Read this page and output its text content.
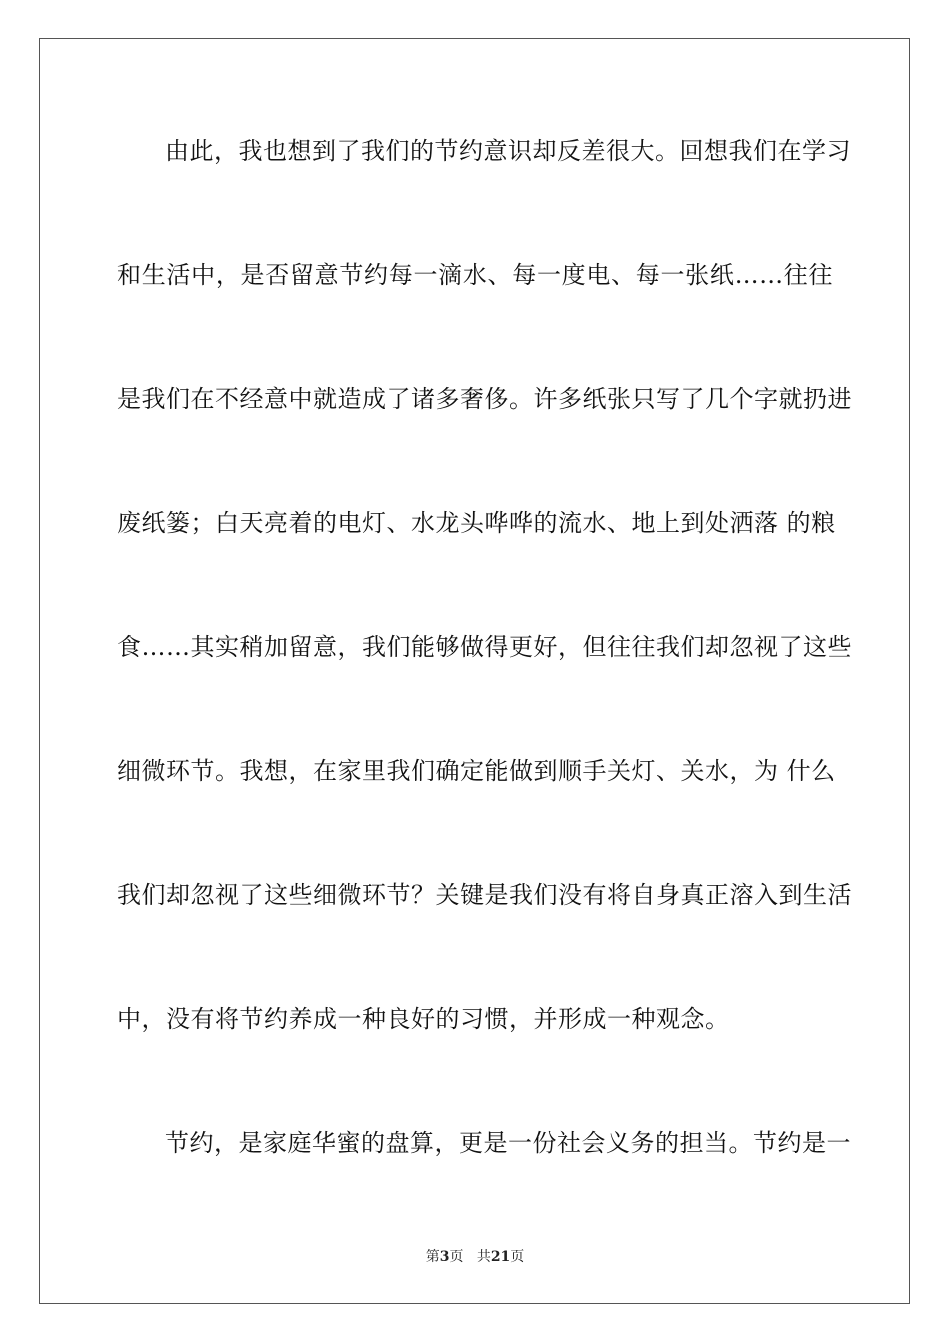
由此，我也想到了我们的节约意识却反差很大。回想我们在学习
和生活中，是否留意节约每一滴水、每一度电、每一张纸……往往
是我们在不经意中就造成了诸多奢侈。许多纸张只写了几个字就扔进
废纸篓；白天亮着的电灯、水龙头哗哗的流水、地上到处洒落 的粮
食……其实稍加留意，我们能够做得更好，但往往我们却忽视了这些
细微环节。我想，在家里我们确定能做到顺手关灯、关水，为 什么
我们却忽视了这些细微环节？关键是我们没有将自身真正溶入到生活
中，没有将节约养成一种良好的习惯，并形成一种观念。
节约，是家庭华蜜的盘算，更是一份社会义务的担当。节约是一
第3页 共21页
